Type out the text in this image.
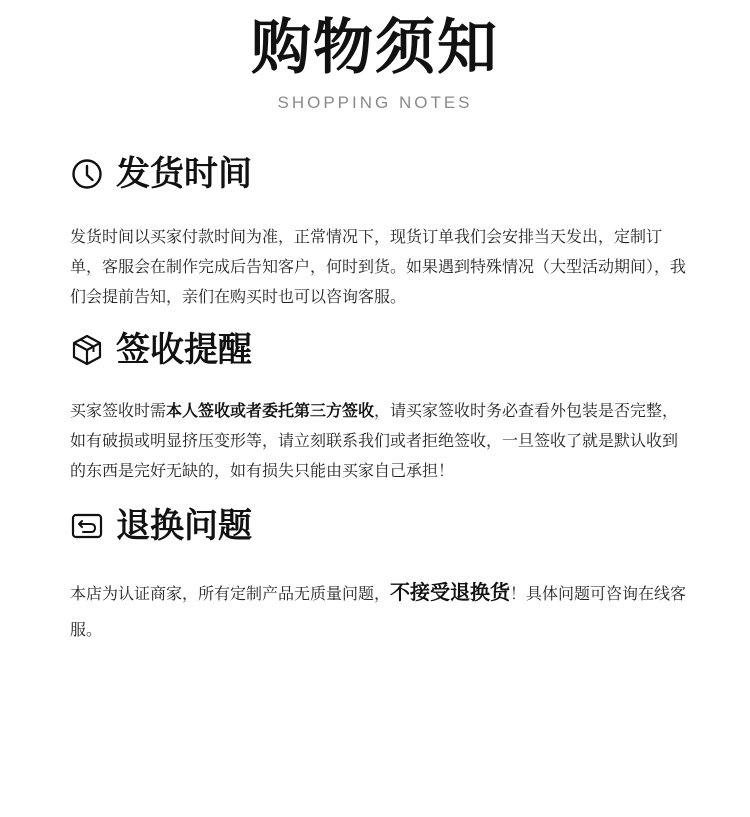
购物须知
SHOPPING NOTES
发货时间
发货时间以买家付款时间为准，正常情况下，现货订单我们会安排当天发出，定制订单，客服会在制作完成后告知客户，何时到货。如果遇到特殊情况（大型活动期间），我们会提前告知，亲们在购买时也可以咨询客服。
签收提醒
买家签收时需本人签收或者委托第三方签收，请买家签收时务必查看外包装是否完整，如有破损或明显挤压变形等，请立刻联系我们或者拒绝签收，一旦签收了就是默认收到的东西是完好无缺的，如有损失只能由买家自己承担！
退换问题
本店为认证商家，所有定制产品无质量问题，不接受退换货！具体问题可咨询在线客服。
